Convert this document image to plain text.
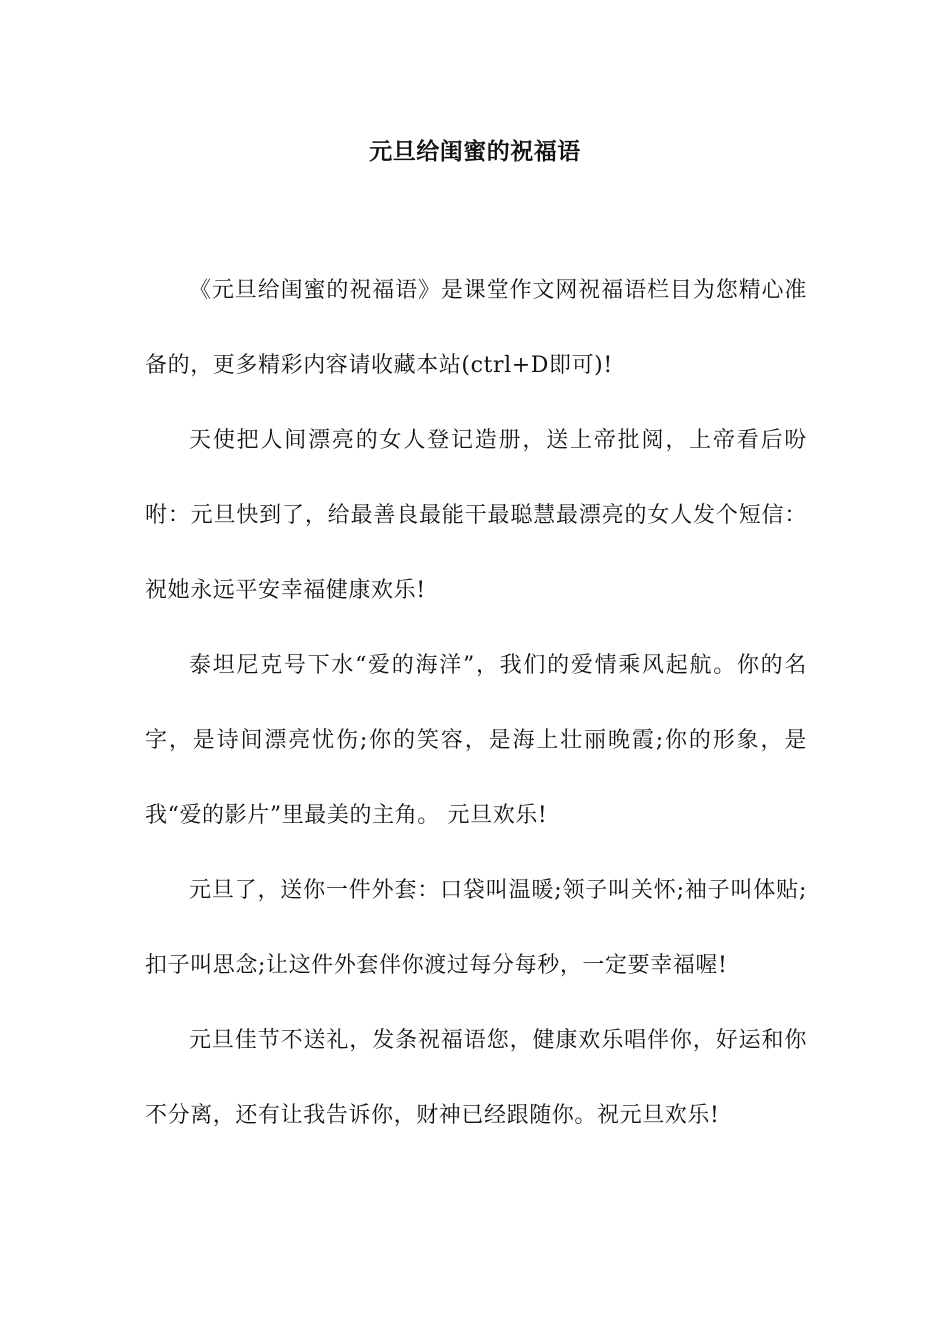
元旦给闺蜜的祝福语

《元旦给闺蜜的祝福语》是课堂作文网祝福语栏目为您精心准备的，更多精彩内容请收藏本站(ctrl+D即可)!

天使把人间漂亮的女人登记造册，送上帝批阅，上帝看后吩咐：元旦快到了，给最善良最能干最聪慧最漂亮的女人发个短信：祝她永远平安幸福健康欢乐!

泰坦尼克号下水“爱的海洋”，我们的爱情乘风起航。你的名字，是诗间漂亮忧伤;你的笑容，是海上壮丽晚霞;你的形象，是我“爱的影片”里最美的主角。 元旦欢乐!

元旦了，送你一件外套：口袋叫温暖;领子叫关怀;袖子叫体贴;扣子叫思念;让这件外套伴你渡过每分每秒，一定要幸福喔!

元旦佳节不送礼，发条祝福语您，健康欢乐唱伴你，好运和你不分离，还有让我告诉你，财神已经跟随你。祝元旦欢乐!
